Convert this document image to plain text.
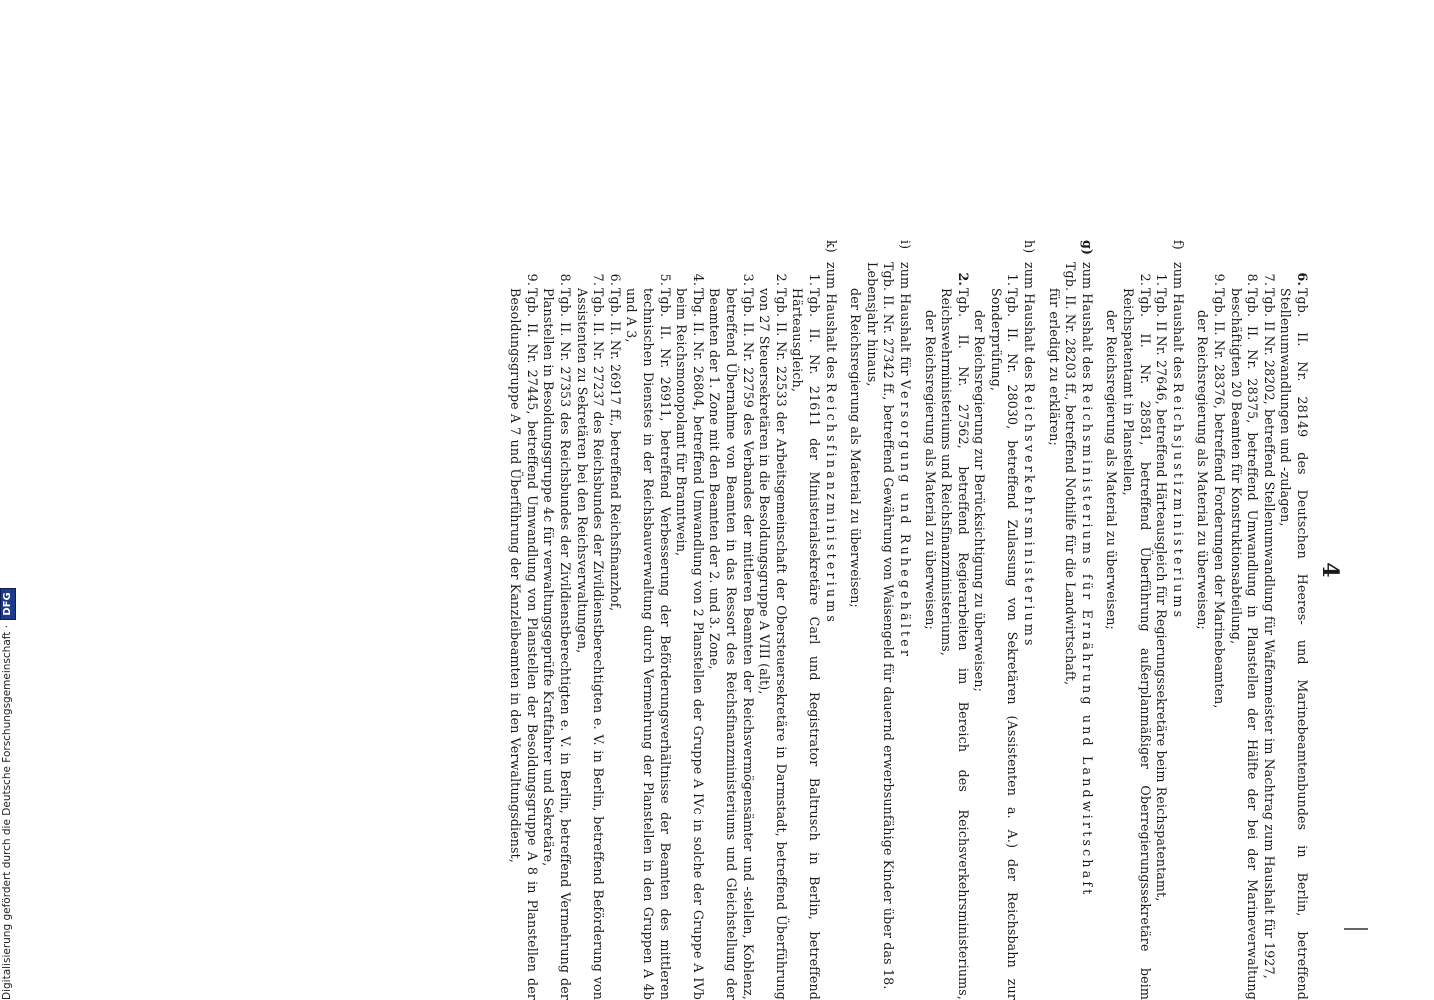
4
6.
Tgb. II. Nr. 28149 des Deutschen Heeres- und Marinebeamtenbundes in Berlin, betreffend Stellenumwandlungen und -zulagen,
7.
Tgb. II Nr. 28202, betreffend Stellenumwandlung für Waffenmeister im Nachtrag zum Haushalt für 1927,
8.
Tgb. II. Nr. 28375, betreffend Umwandlung in Planstellen der Hälfte der bei der Marineverwaltung beschäftigten 20 Beamten für Konstruktionsabteilung,
9.
Tgb. II. Nr. 28376, betreffend Forderungen der Marinebeamten,
der Reichsregierung als Material zu überweisen;
f)
zum Haushalt des Reichsjustizministeriums
1.
Tgb. II Nr. 27646, betreffend Härteausgleich für Regierungssekretäre beim Reichspatentamt,
2.
Tgb. II. Nr. 28581, betreffend Überführung außerplanmäßiger Oberregierungssekretäre beim Reichspatentamt in Planstellen,
der Reichsregierung als Material zu überweisen;
g)
zum Haushalt des Reichsministeriums für Ernährung und Landwirtschaft
Tgb. II. Nr. 28203 ff., betreffend Nothilfe für die Landwirtschaft,
für erledigt zu erklären;
h)
zum Haushalt des Reichsverkehrsministeriums
1.
Tgb. II. Nr. 28030, betreffend Zulassung von Sekretären (Assistenten a. A.) der Reichsbahn zur Sonderprüfung,
der Reichsregierung zur Berücksichtigung zu überweisen;
2.
Tgb. II. Nr. 27562, betreffend Regierarbeiten im Bereich des Reichsverkehrsministeriums, Reichswehrministeriums und Reichsfinanzministeriums,
der Reichsregierung als Material zu überweisen;
i)
zum Haushalt für Versorgung und Ruhegehälter
Tgb. II. Nr. 27342 ff., betreffend Gewährung von Waisengeld für dauernd erwerbsunfähige Kinder über das 18. Lebensjahr hinaus,
der Reichsregierung als Material zu überweisen;
k)
zum Haushalt des Reichsfinanzministeriums
1.
Tgb. II. Nr. 21611 der Ministerialsekretäre Carl und Registrator Baltrusch in Berlin, betreffend Härteausgleich,
2.
Tgb. II. Nr. 22533 der Arbeitsgemeinschaft der Obersteuersekretäre in Darmstadt, betreffend Überführung von 27 Steuersekretären in die Besoldungsgruppe A VIII (alt),
3.
Tgb. II. Nr. 22759 des Verbandes der mittleren Beamten der Reichsvermögensämter und -stellen, Koblenz, betreffend Übernahme von Beamten in das Ressort des Reichsfinanzministeriums und Gleichstellung der Beamten der 1. Zone mit den Beamten der 2. und 3. Zone,
4.
Tbg. II. Nr. 26804, betreffend Umwandlung von 2 Planstellen der Gruppe A IVc in solche der Gruppe A IVb beim Reichsmonopolamt für Branntwein,
5.
Tgb. II. Nr. 26911, betreffend Verbesserung der Beförderungsverhältnisse der Beamten des mittleren technischen Dienstes in der Reichsbauverwaltung durch Vermehrung der Planstellen in den Gruppen A 4b und A 3,
6.
Tgb. II. Nr. 26917 ff., betreffend Reichsfinanzhof,
7.
Tgb. II. Nr. 27237 des Reichsbundes der Zivildienstberechtigten e. V. in Berlin, betreffend Beförderung von Assistenten zu Sekretären bei den Reichsverwaltungen,
8.
Tgb. II. Nr. 27353 des Reichsbundes der Zivildienstberechtigten e. V. in Berlin, betreffend Vermehrung der Planstellen in Besoldungsgruppe 4c für verwaltungsgeprüfte Kraftfahrer und Sekretäre,
9.
Tgb. II. Nr. 27445, betreffend Umwandlung von Planstellen der Besoldungsgruppe A 8 in Planstellen der Besoldungsgruppe A 7 und Überführung der Kanzleibeamten in den Verwaltungsdienst,
Digitalisierung gefördert durch die Deutsche Forschungsgemeinschaft · DFG
